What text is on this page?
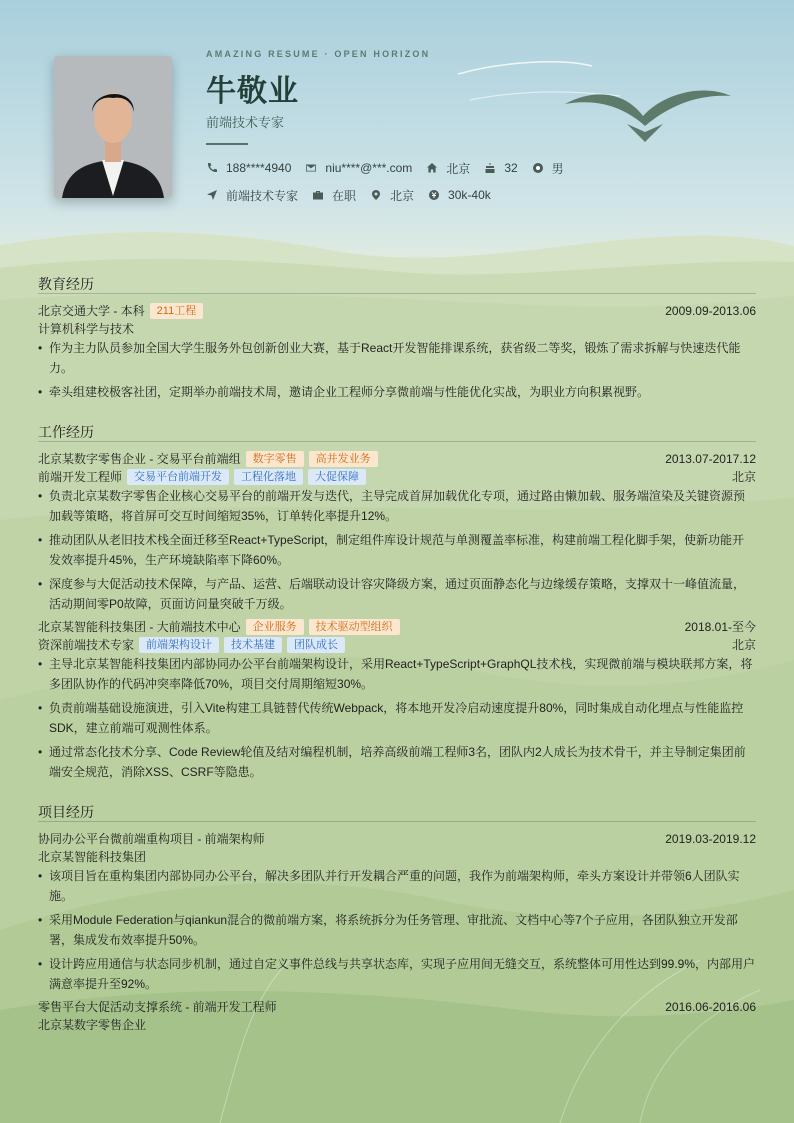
AMAZING RESUME · OPEN HORIZON
牛敬业
前端技术专家
188****4940	niu****@***.com	北京	32	男
前端技术专家	在职	北京	30k-40k
教育经历
北京交通大学 - 本科	211工程	2009.09-2013.06
计算机科学与技术
• 作为主力队员参加全国大学生服务外包创新创业大赛，基于React开发智能排课系统，获省级二等奖，锻炼了需求拆解与快速迭代能力。
• 牵头组建校极客社团，定期举办前端技术周，邀请企业工程师分享微前端与性能优化实战，为职业方向积累视野。
工作经历
北京某数字零售企业 - 交易平台前端组	数字零售	高并发业务	2013.07-2017.12
前端开发工程师	交易平台前端开发	工程化落地	大促保障	北京
• 负责北京某数字零售企业核心交易平台的前端开发与迭代，主导完成首屏加载优化专项，通过路由懒加载、服务端渲染及关键资源预加载等策略，将首屏可交互时间缩短35%，订单转化率提升12%。
• 推动团队从老旧技术栈全面迁移至React+TypeScript，制定组件库设计规范与单测覆盖率标准，构建前端工程化脚手架，使新功能开发效率提升45%，生产环境缺陷率下降60%。
• 深度参与大促活动技术保障，与产品、运营、后端联动设计容灾降级方案，通过页面静态化与边缘缓存策略，支撑双十一峰值流量，活动期间零P0故障，页面访问量突破千万级。
北京某智能科技集团 - 大前端技术中心	企业服务	技术驱动型组织	2018.01-至今
资深前端技术专家	前端架构设计	技术基建	团队成长	北京
• 主导北京某智能科技集团内部协同办公平台前端架构设计，采用React+TypeScript+GraphQL技术栈，实现微前端与模块联邦方案，将多团队协作的代码冲突率降低70%，项目交付周期缩短30%。
• 负责前端基础设施演进，引入Vite构建工具链替代传统Webpack，将本地开发冷启动速度提升80%，同时集成自动化埋点与性能监控SDK，建立前端可观测性体系。
• 通过常态化技术分享、Code Review轮值及结对编程机制，培养高级前端工程师3名，团队内2人成长为技术骨干，并主导制定集团前端安全规范，消除XSS、CSRF等隐患。
项目经历
协同办公平台微前端重构项目 - 前端架构师	2019.03-2019.12
北京某智能科技集团
• 该项目旨在重构集团内部协同办公平台，解决多团队并行开发耦合严重的问题，我作为前端架构师，牵头方案设计并带领6人团队实施。
• 采用Module Federation与qiankun混合的微前端方案，将系统拆分为任务管理、审批流、文档中心等7个子应用，各团队独立开发部署，集成发布效率提升50%。
• 设计跨应用通信与状态同步机制，通过自定义事件总线与共享状态库，实现子应用间无缝交互，系统整体可用性达到99.9%，内部用户满意率提升至92%。
零售平台大促活动支撑系统 - 前端开发工程师	2016.06-2016.06
北京某数字零售企业
